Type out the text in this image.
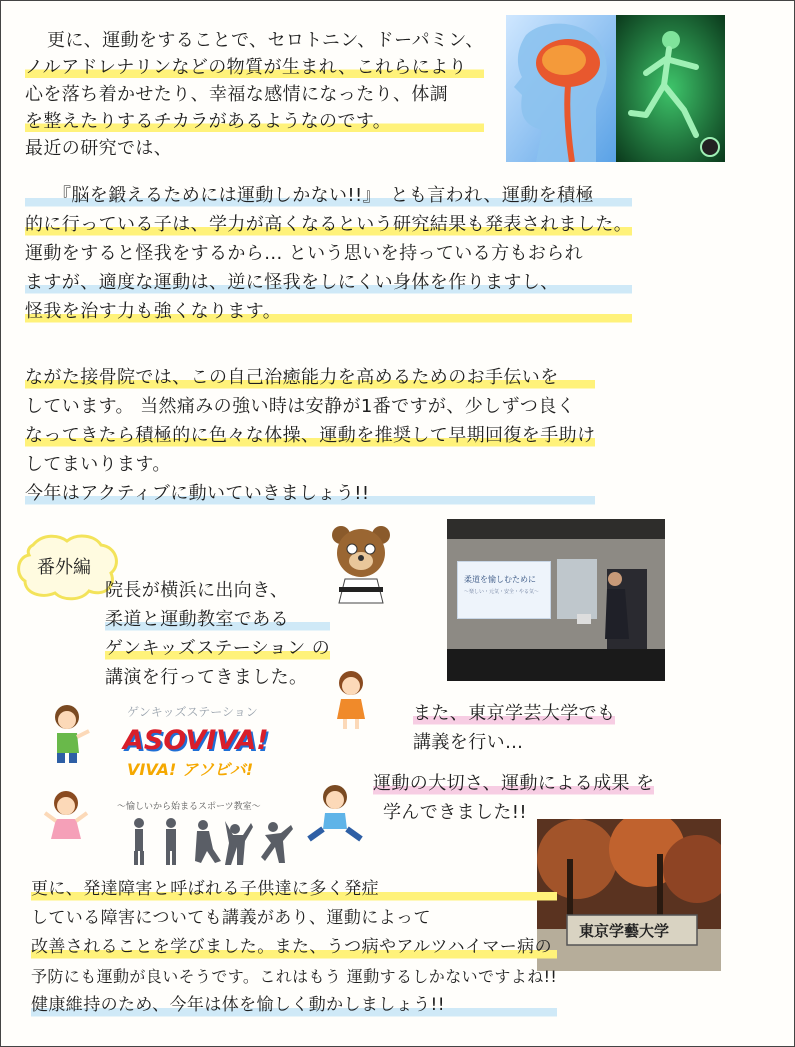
更に、運動をすることで、セロトニン、ドーパミン、
ノルアドレナリンなどの物質が生まれ、これらにより
心を落ち着かせたり、幸福な感情になったり、体調
を整えたりするチカラがあるようなのです。
最近の研究では、
『脳を鍛えるためには運動しかない!!』　とも言われ、運動を積極
的に行っている子は、学力が高くなるという研究結果も発表されました。
運動をすると怪我をするから... という思いを持っている方もおられ
ますが、適度な運動は、逆に怪我をしにくい身体を作りますし、
怪我を治す力も強くなります。
ながた接骨院では、この自己治癒能力を高めるためのお手伝いを
しています。 当然痛みの強い時は安静が1番ですが、少しずつ良く
なってきたら積極的に色々な体操、運動を推奨して早期回復を手助け
してまいります。
今年はアクティブに動いていきましょう!!
番外編
院長が横浜に出向き、
柔道と運動教室である
ゲンキッズステーション の
講演を行ってきました。
柔道を愉しむために
〜楽しい・元気・安全・やる気〜
ゲンキッズステーション
ASOVIVA!
VIVA! アソビバ!
〜愉しいから始まるスポーツ教室〜
また、東京学芸大学でも
講義を行い…
運動の大切さ、運動による成果 を
学んできました!!
東京学藝大学
更に、発達障害と呼ばれる子供達に多く発症
している障害についても講義があり、運動によって
改善されることを学びました。また、うつ病やアルツハイマー病の
予防にも運動が良いそうです。これはもう 運動するしかないですよね!!
健康維持のため、今年は体を愉しく動かしましょう!!
